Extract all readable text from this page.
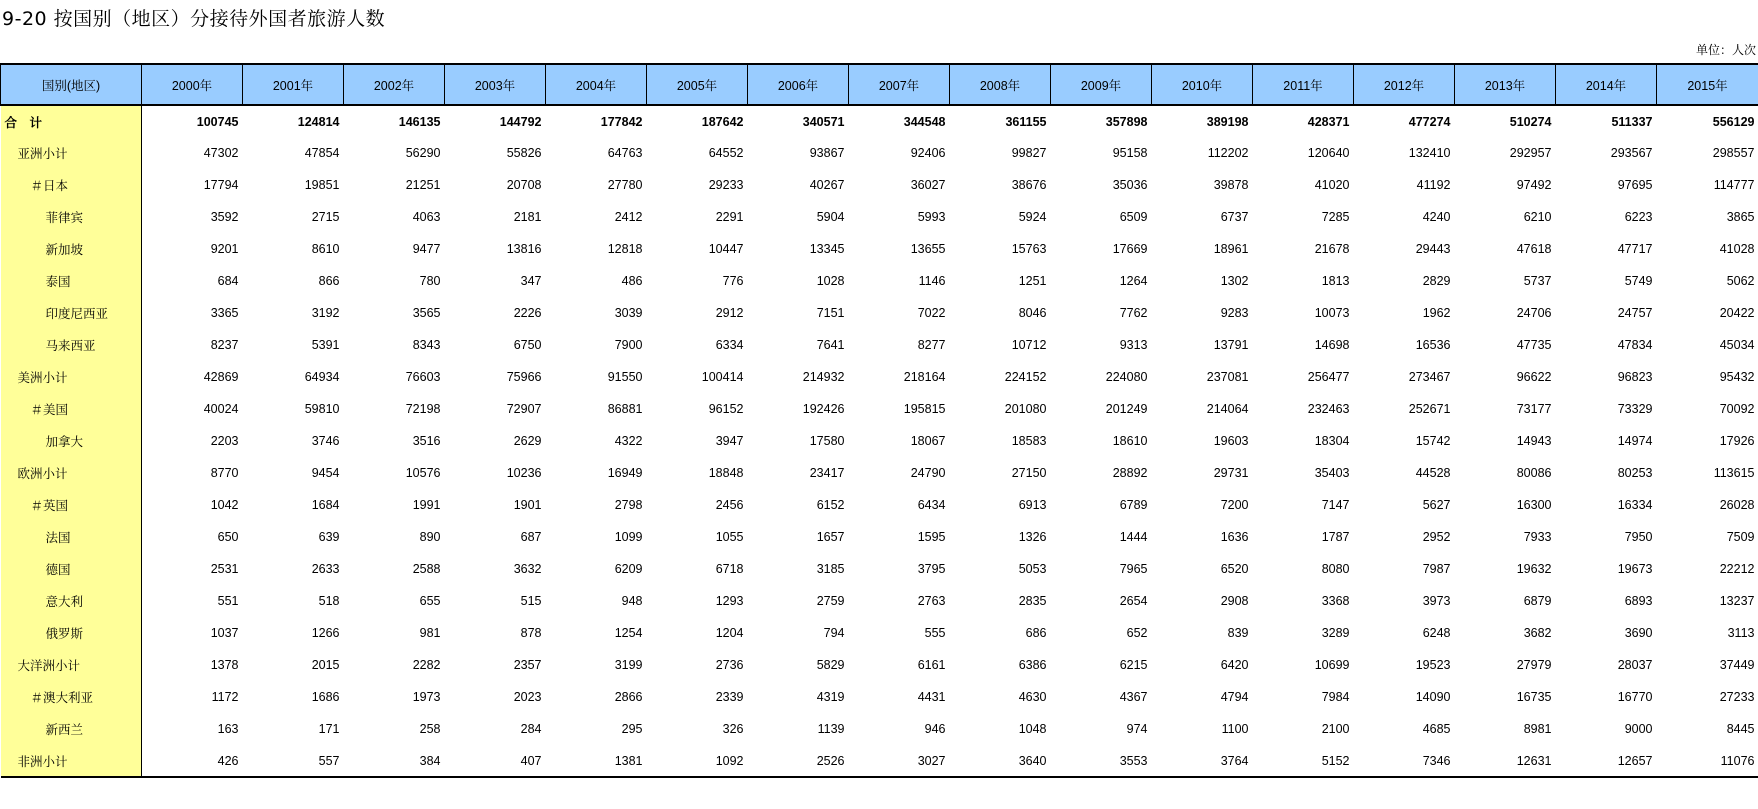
9-20 按国别（地区）分接待外国者旅游人数
单位：人次
国别(地区)	2000年	2001年	2002年	2003年	2004年	2005年	2006年	2007年	2008年	2009年	2010年	2011年	2012年	2013年	2014年	2015年
合　计	100745	124814	146135	144792	177842	187642	340571	344548	361155	357898	389198	428371	477274	510274	511337	556129
亚洲小计	47302	47854	56290	55826	64763	64552	93867	92406	99827	95158	112202	120640	132410	292957	293567	298557
＃日本	17794	19851	21251	20708	27780	29233	40267	36027	38676	35036	39878	41020	41192	97492	97695	114777
菲律宾	3592	2715	4063	2181	2412	2291	5904	5993	5924	6509	6737	7285	4240	6210	6223	3865
新加坡	9201	8610	9477	13816	12818	10447	13345	13655	15763	17669	18961	21678	29443	47618	47717	41028
泰国	684	866	780	347	486	776	1028	1146	1251	1264	1302	1813	2829	5737	5749	5062
印度尼西亚	3365	3192	3565	2226	3039	2912	7151	7022	8046	7762	9283	10073	1962	24706	24757	20422
马来西亚	8237	5391	8343	6750	7900	6334	7641	8277	10712	9313	13791	14698	16536	47735	47834	45034
美洲小计	42869	64934	76603	75966	91550	100414	214932	218164	224152	224080	237081	256477	273467	96622	96823	95432
＃美国	40024	59810	72198	72907	86881	96152	192426	195815	201080	201249	214064	232463	252671	73177	73329	70092
加拿大	2203	3746	3516	2629	4322	3947	17580	18067	18583	18610	19603	18304	15742	14943	14974	17926
欧洲小计	8770	9454	10576	10236	16949	18848	23417	24790	27150	28892	29731	35403	44528	80086	80253	113615
＃英国	1042	1684	1991	1901	2798	2456	6152	6434	6913	6789	7200	7147	5627	16300	16334	26028
法国	650	639	890	687	1099	1055	1657	1595	1326	1444	1636	1787	2952	7933	7950	7509
德国	2531	2633	2588	3632	6209	6718	3185	3795	5053	7965	6520	8080	7987	19632	19673	22212
意大利	551	518	655	515	948	1293	2759	2763	2835	2654	2908	3368	3973	6879	6893	13237
俄罗斯	1037	1266	981	878	1254	1204	794	555	686	652	839	3289	6248	3682	3690	3113
大洋洲小计	1378	2015	2282	2357	3199	2736	5829	6161	6386	6215	6420	10699	19523	27979	28037	37449
＃澳大利亚	1172	1686	1973	2023	2866	2339	4319	4431	4630	4367	4794	7984	14090	16735	16770	27233
新西兰	163	171	258	284	295	326	1139	946	1048	974	1100	2100	4685	8981	9000	8445
非洲小计	426	557	384	407	1381	1092	2526	3027	3640	3553	3764	5152	7346	12631	12657	11076
